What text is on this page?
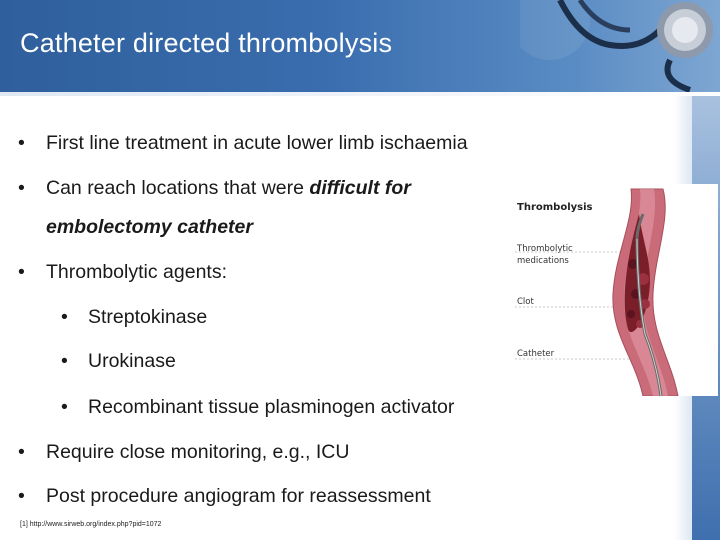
Catheter directed thrombolysis
• First line treatment in acute lower limb ischaemia
• Can reach locations that were difficult for
embolectomy catheter
• Thrombolytic agents:
• Streptokinase
• Urokinase
• Recombinant tissue plasminogen activator
• Require close monitoring, e.g., ICU
• Post procedure angiogram for reassessment
Thrombolysis
Thrombolytic
medications
Clot
Catheter
[1] http://www.sirweb.org/index.php?pid=1072
